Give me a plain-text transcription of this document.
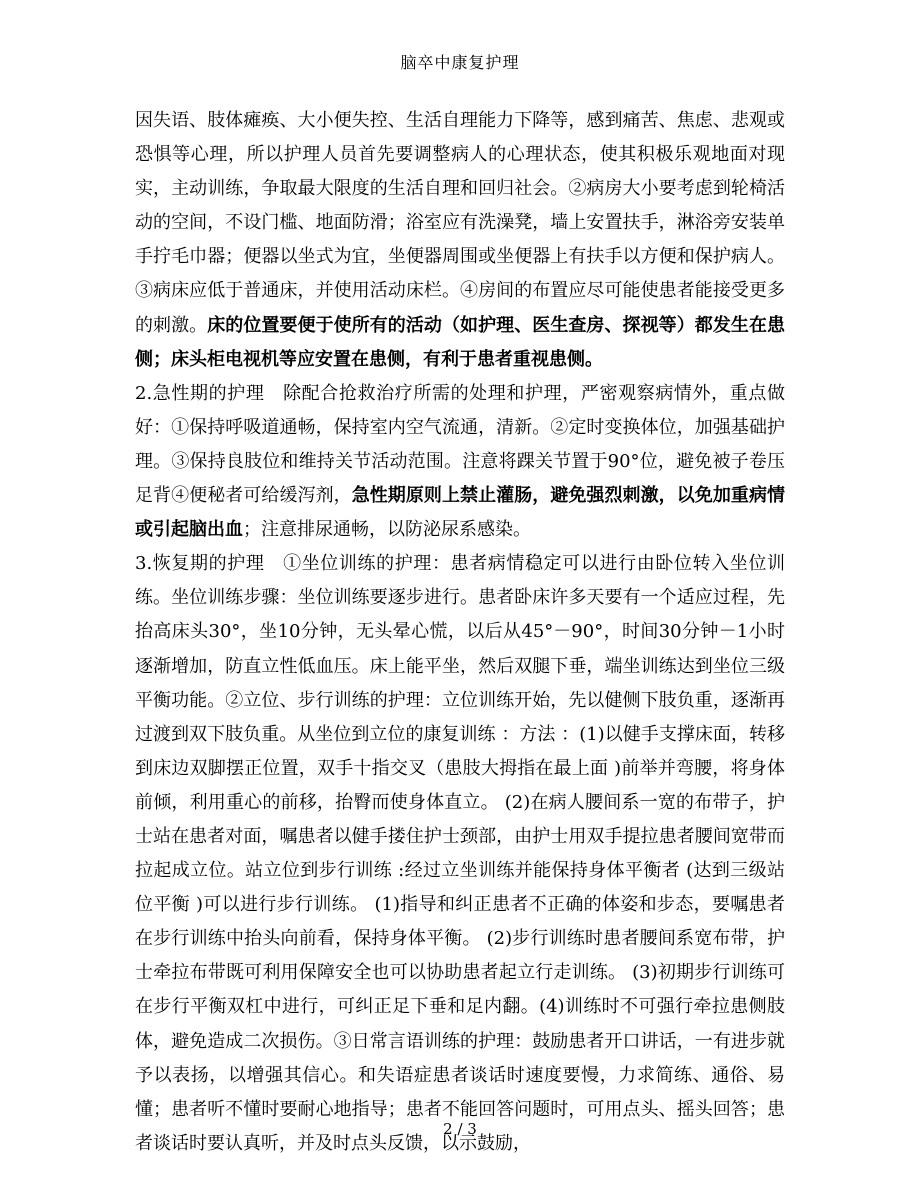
脑卒中康复护理

因失语、肢体瘫痪、大小便失控、生活自理能力下降等，感到痛苦、焦虑、悲观或恐惧等心理，所以护理人员首先要调整病人的心理状态，使其积极乐观地面对现实，主动训练，争取最大限度的生活自理和回归社会。②病房大小要考虑到轮椅活动的空间，不设门槛、地面防滑；浴室应有洗澡凳，墙上安置扶手，淋浴旁安装单手拧毛巾器；便器以坐式为宜，坐便器周围或坐便器上有扶手以方便和保护病人。③病床应低于普通床，并使用活动床栏。④房间的布置应尽可能使患者能接受更多的刺激。床的位置要便于使所有的活动（如护理、医生查房、探视等）都发生在患侧；床头柜电视机等应安置在患侧，有利于患者重视患侧。

2.急性期的护理　除配合抢救治疗所需的处理和护理，严密观察病情外，重点做好：①保持呼吸道通畅，保持室内空气流通，清新。②定时变换体位，加强基础护理。③保持良肢位和维持关节活动范围。注意将踝关节置于90°位，避免被子卷压足背④便秘者可给缓泻剂，急性期原则上禁止灌肠，避免强烈刺激，以免加重病情或引起脑出血；注意排尿通畅，以防泌尿系感染。

3.恢复期的护理　①坐位训练的护理：患者病情稳定可以进行由卧位转入坐位训练。坐位训练步骤：坐位训练要逐步进行。患者卧床许多天要有一个适应过程，先抬高床头30°，坐10分钟，无头晕心慌，以后从45°－90°，时间30分钟－1小时逐渐增加，防直立性低血压。床上能平坐，然后双腿下垂，端坐训练达到坐位三级平衡功能。②立位、步行训练的护理：立位训练开始，先以健侧下肢负重，逐渐再过渡到双下肢负重。从坐位到立位的康复训练 ：方法 ：(1)以健手支撑床面，转移到床边双脚摆正位置，双手十指交叉（患肢大拇指在最上面 )前举并弯腰，将身体前倾，利用重心的前移，抬臀而使身体直立。 (2)在病人腰间系一宽的布带子，护士站在患者对面，嘱患者以健手搂住护士颈部，由护士用双手提拉患者腰间宽带而拉起成立位。站立位到步行训练 :经过立坐训练并能保持身体平衡者 (达到三级站位平衡 )可以进行步行训练。 (1)指导和纠正患者不正确的体姿和步态，要嘱患者在步行训练中抬头向前看，保持身体平衡。 (2)步行训练时患者腰间系宽布带，护士牵拉布带既可利用保障安全也可以协助患者起立行走训练。 (3)初期步行训练可在步行平衡双杠中进行，可纠正足下垂和足内翻。(4)训练时不可强行牵拉患侧肢体，避免造成二次损伤。③日常言语训练的护理：鼓励患者开口讲话，一有进步就予以表扬，以增强其信心。和失语症患者谈话时速度要慢，力求简练、通俗、易懂；患者听不懂时要耐心地指导；患者不能回答问题时，可用点头、摇头回答；患者谈话时要认真听，并及时点头反馈，以示鼓励，

2 / 3
